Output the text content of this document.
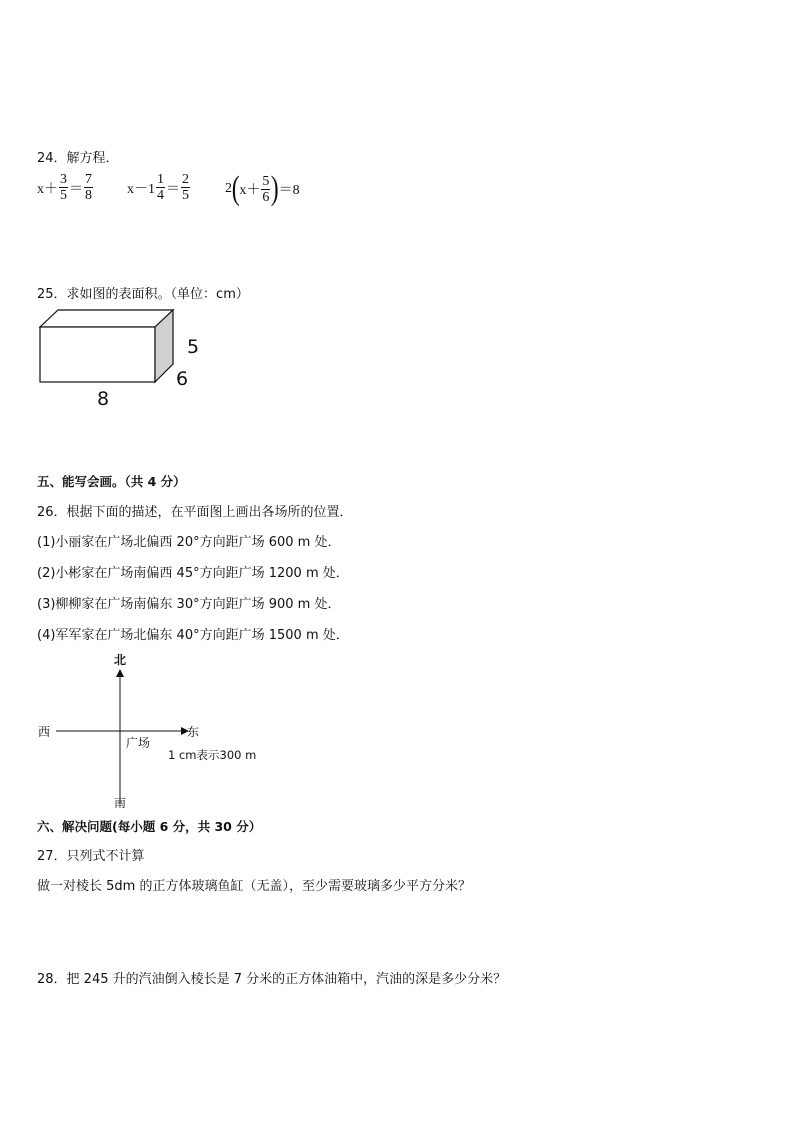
24．解方程．
$x+ \frac{3}{5} = \frac{7}{8} x-1 \frac{1}{4} = \frac{2}{5}$	$2(x+ \frac{5}{6} )=8$
25．求如图的表面积。（单位：cm）
5
6
8
五、能写会画。（共 4 分）
26．根据下面的描述，在平面图上画出各场所的位置．
(1)小丽家在广场北偏西 20°方向距广场 600 m 处．
(2)小彬家在广场南偏西 45°方向距广场 1200 m 处．
(3)柳柳家在广场南偏东 30°方向距广场 900 m 处．
(4)军军家在广场北偏东 40°方向距广场 1500 m 处．
北
南
西	东
广场
1 cm表示300 m
六、解决问题(每小题 6 分，共 30 分）
27．只列式不计算
做一对棱长 5dm 的正方体玻璃鱼缸（无盖），至少需要玻璃多少平方分米？
28．把 245 升的汽油倒入棱长是 7 分米的正方体油箱中，汽油的深是多少分米？
